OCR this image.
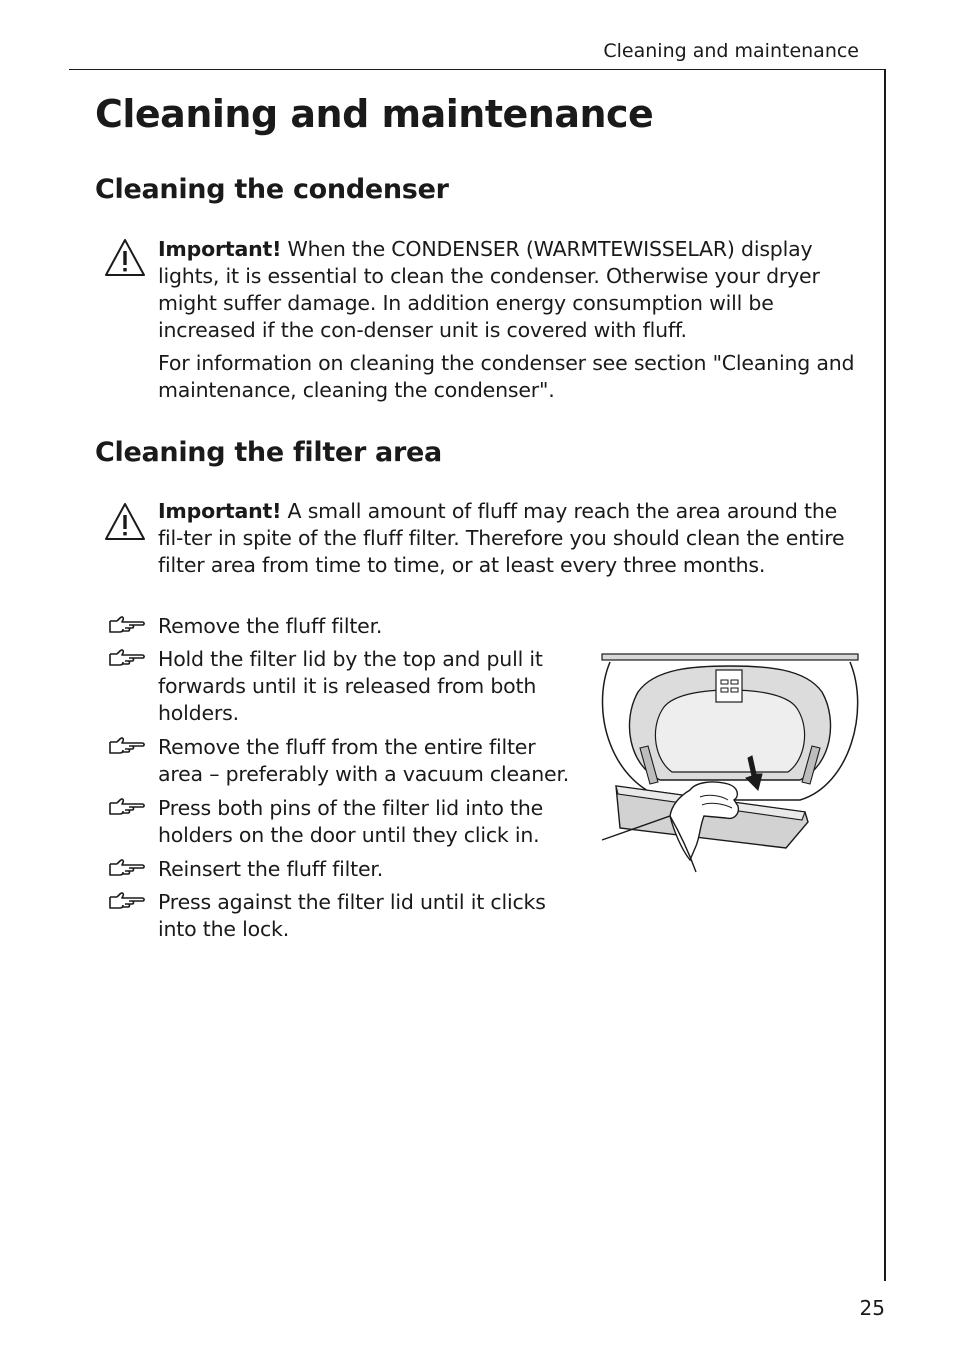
Cleaning and maintenance
25
Cleaning and maintenance
Cleaning the condenser

Important! When the CONDENSER (WARMTEWISSELAR) display lights, it is essential to clean the condenser. Otherwise your dryer might suffer damage. In addition energy consumption will be increased if the con-denser unit is covered with fluff.

For information on cleaning the condenser see section "Cleaning and maintenance, cleaning the condenser".

Cleaning the filter area

Important! A small amount of fluff may reach the area around the fil-ter in spite of the fluff filter. Therefore you should clean the entire filter area from time to time, or at least every three months.

Remove the fluff filter.
Hold the filter lid by the top and pull it forwards until it is released from both holders.
Remove the fluff from the entire filter area – preferably with a vacuum cleaner.
Press both pins of the filter lid into the holders on the door until they click in.
Reinsert the fluff filter.
Press against the filter lid until it clicks into the lock.
